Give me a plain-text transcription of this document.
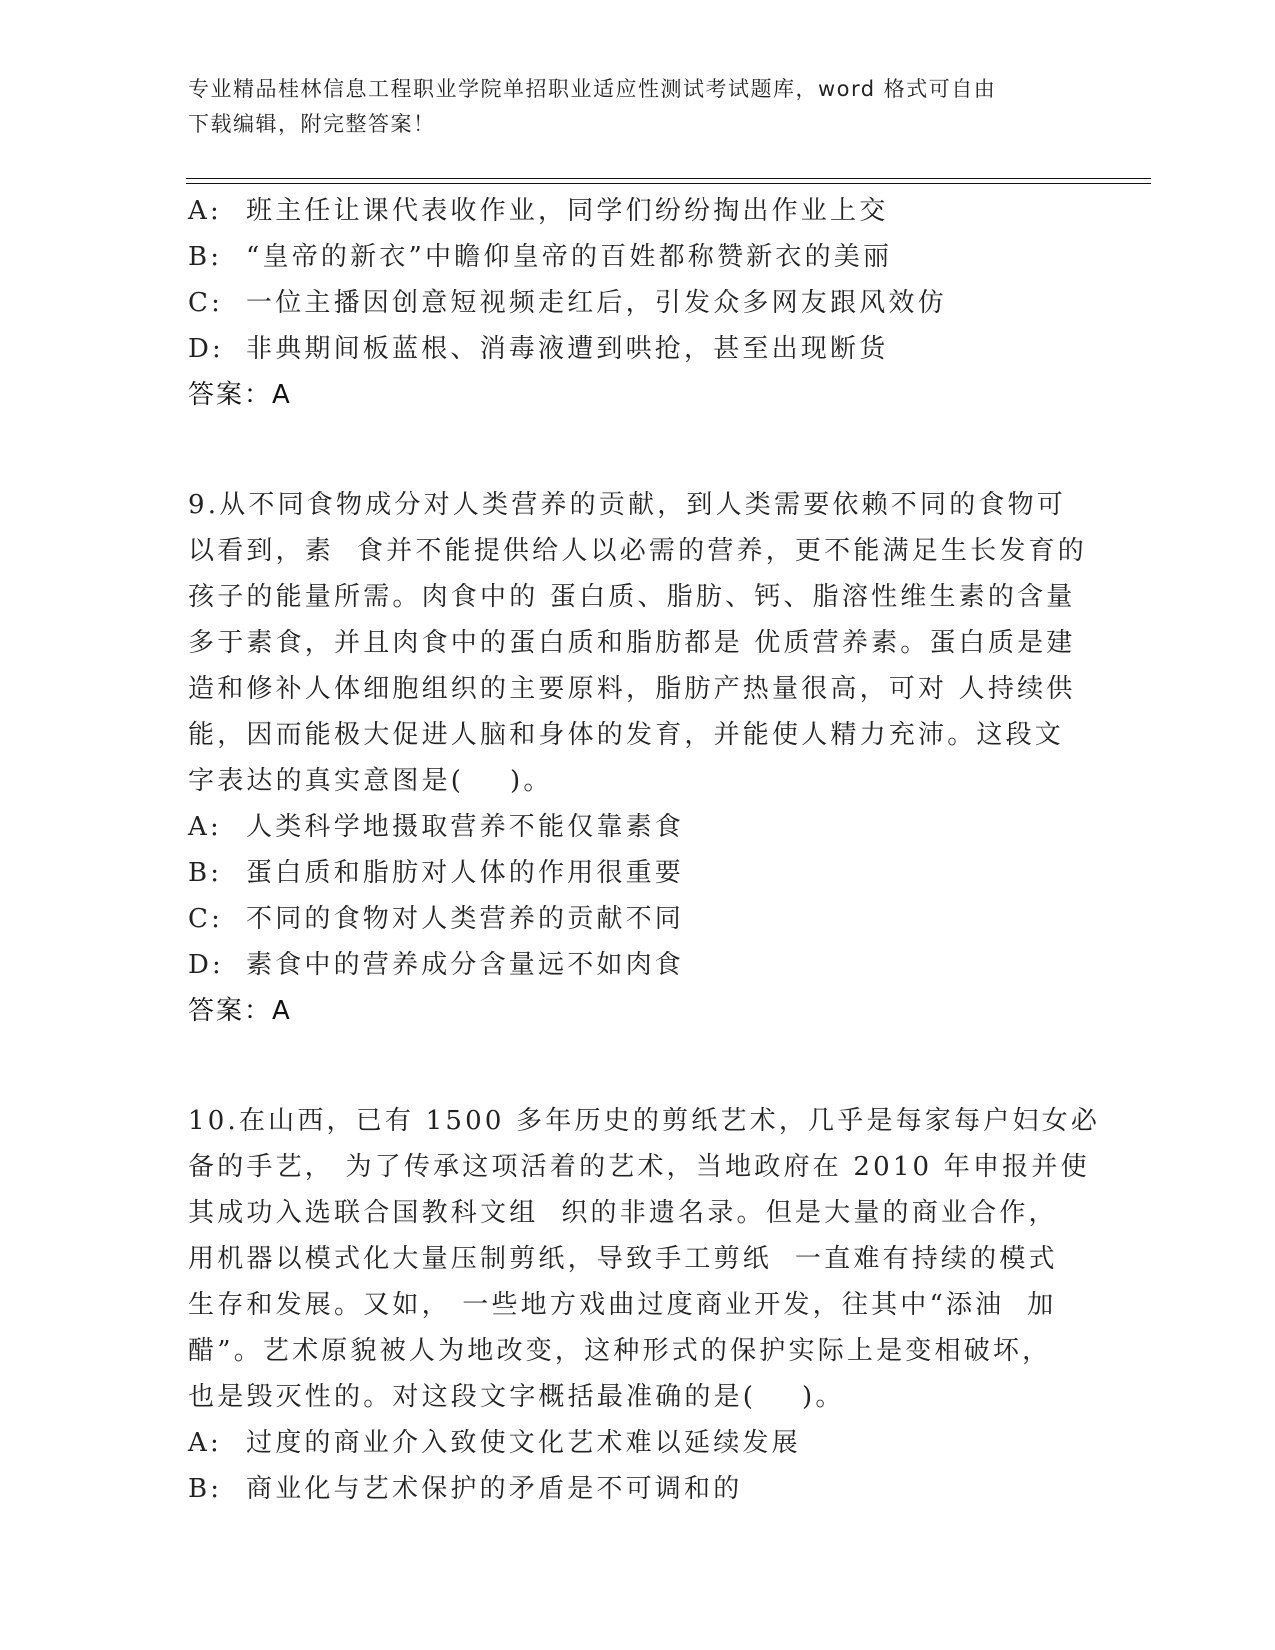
专业精品桂林信息工程职业学院单招职业适应性测试考试题库，word 格式可自由
下载编辑，附完整答案！
A: 班主任让课代表收作业，同学们纷纷掏出作业上交
B: “皇帝的新衣”中瞻仰皇帝的百姓都称赞新衣的美丽
C: 一位主播因创意短视频走红后，引发众多网友跟风效仿
D: 非典期间板蓝根、消毒液遭到哄抢，甚至出现断货
答案：A
9.从不同食物成分对人类营养的贡献，到人类需要依赖不同的食物可
以看到，素  食并不能提供给人以必需的营养，更不能满足生长发育的
孩子的能量所需。肉食中的 蛋白质、脂肪、钙、脂溶性维生素的含量
多于素食，并且肉食中的蛋白质和脂肪都是 优质营养素。蛋白质是建
造和修补人体细胞组织的主要原料，脂肪产热量很高，可对 人持续供
能，因而能极大促进人脑和身体的发育，并能使人精力充沛。这段文
字表达的真实意图是(    )。
A: 人类科学地摄取营养不能仅靠素食
B: 蛋白质和脂肪对人体的作用很重要
C: 不同的食物对人类营养的贡献不同
D: 素食中的营养成分含量远不如肉食
答案：A
10.在山西，已有 1500 多年历史的剪纸艺术，几乎是每家每户妇女必
备的手艺， 为了传承这项活着的艺术，当地政府在 2010 年申报并使
其成功入选联合国教科文组  织的非遗名录。但是大量的商业合作，
用机器以模式化大量压制剪纸，导致手工剪纸  一直难有持续的模式
生存和发展。又如， 一些地方戏曲过度商业开发，往其中“添油  加
醋”。艺术原貌被人为地改变，这种形式的保护实际上是变相破坏，
也是毁灭性的。对这段文字概括最准确的是(    )。
A: 过度的商业介入致使文化艺术难以延续发展
B: 商业化与艺术保护的矛盾是不可调和的
